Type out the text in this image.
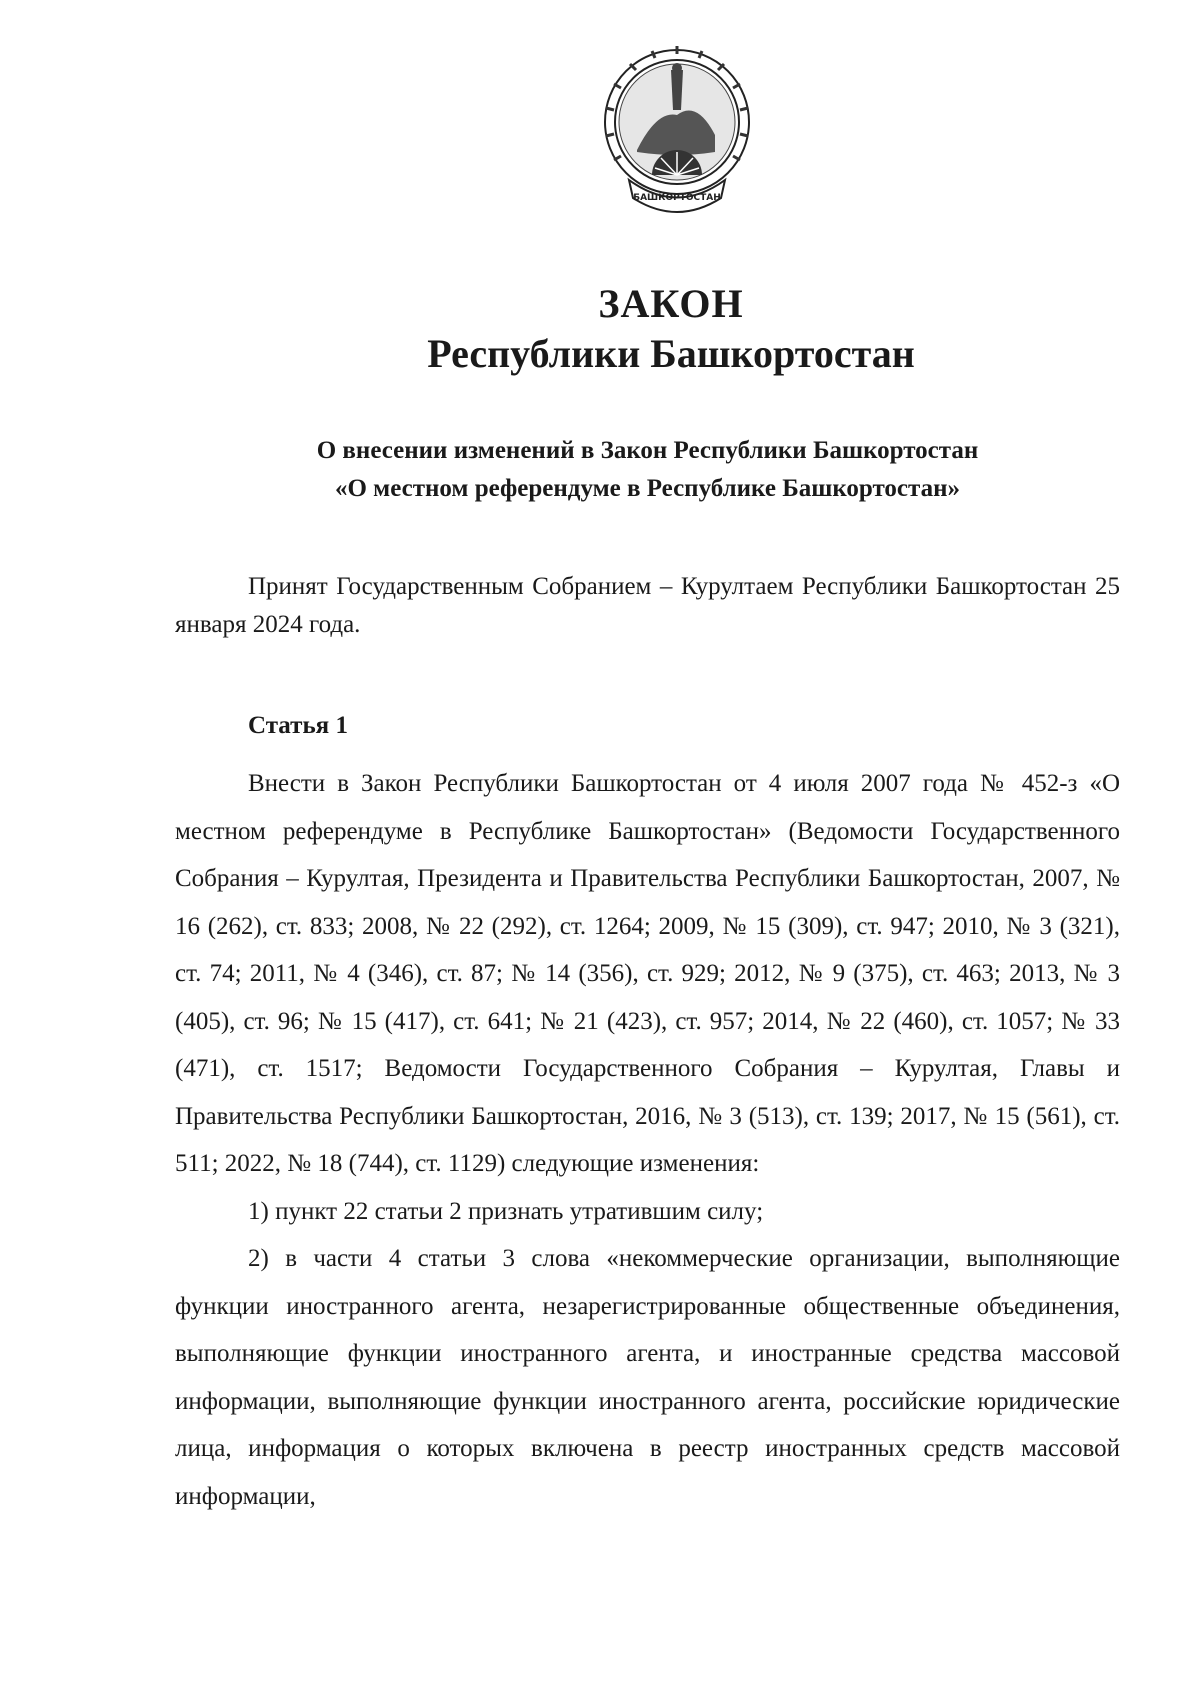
БАШКОРТОСТАН
ЗАКОН
Республики Башкортостан
О внесении изменений в Закон Республики Башкортостан
«О местном референдуме в Республике Башкортостан»

Принят Государственным Собранием – Курултаем Республики Башкортостан 25 января 2024 года.

Статья 1

Внести в Закон Республики Башкортостан от 4 июля 2007 года № 452-з «О местном референдуме в Республике Башкортостан» (Ведомости Государственного Собрания – Курултая, Президента и Правительства Республики Башкортостан, 2007, № 16 (262), ст. 833; 2008, № 22 (292), ст. 1264; 2009, № 15 (309), ст. 947; 2010, № 3 (321), ст. 74; 2011, № 4 (346), ст. 87; № 14 (356), ст. 929; 2012, № 9 (375), ст. 463; 2013, № 3 (405), ст. 96; № 15 (417), ст. 641; № 21 (423), ст. 957; 2014, № 22 (460), ст. 1057; № 33 (471), ст. 1517; Ведомости Государственного Собрания – Курултая, Главы и Правительства Республики Башкортостан, 2016, № 3 (513), ст. 139; 2017, № 15 (561), ст. 511; 2022, № 18 (744), ст. 1129) следующие изменения:

1) пункт 22 статьи 2 признать утратившим силу;

2) в части 4 статьи 3 слова «некоммерческие организации, выполняющие функции иностранного агента, незарегистрированные общественные объединения, выполняющие функции иностранного агента, и иностранные средства массовой информации, выполняющие функции иностранного агента, российские юридические лица, информация о которых включена в реестр иностранных средств массовой информации,
